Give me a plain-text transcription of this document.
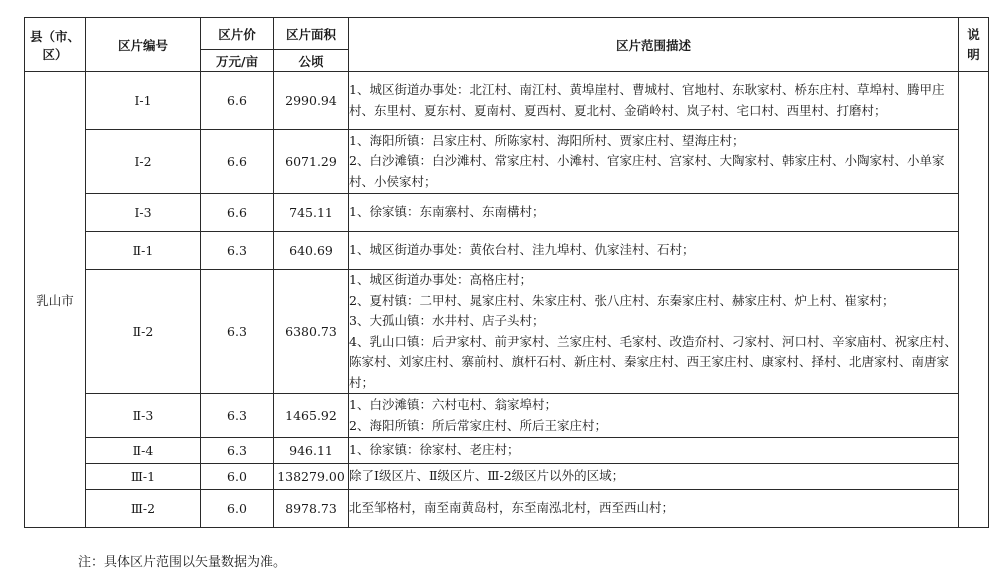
县（市、区）	区片编号	区片价	区片面积	区片范围描述	说
明
		万元/亩	公顷		
乳山市	Ⅰ-1	6.6	2990.94	1、城区街道办事处：北江村、南江村、黄埠崖村、曹城村、官地村、东耿家村、桥东庄村、草埠村、腾甲庄村、东里村、夏东村、夏南村、夏西村、夏北村、金硝岭村、岚子村、宅口村、西里村、打磨村；	

	Ⅰ-2	6.6	6071.29	1、海阳所镇：吕家庄村、所陈家村、海阳所村、贾家庄村、望海庄村；
2、白沙滩镇：白沙滩村、常家庄村、小滩村、官家庄村、宫家村、大陶家村、韩家庄村、小陶家村、小单家村、小侯家村；	

	Ⅰ-3	6.6	745.11	1、徐家镇：东南寨村、东南構村；	

	Ⅱ-1	6.3	640.69	1、城区街道办事处：黄依台村、洼九埠村、仇家洼村、石村；	

	Ⅱ-2	6.3	6380.73	1、城区街道办事处：高格庄村；
2、夏村镇：二甲村、晁家庄村、朱家庄村、张八庄村、东秦家庄村、赫家庄村、炉上村、崔家村；
3、大孤山镇：水井村、店子头村；
4、乳山口镇：后尹家村、前尹家村、兰家庄村、毛家村、改造夼村、刁家村、河口村、辛家庙村、祝家庄村、陈家村、刘家庄村、寨前村、旗杆石村、新庄村、秦家庄村、西王家庄村、康家村、择村、北唐家村、南唐家村；	

	Ⅱ-3	6.3	1465.92	1、白沙滩镇：六村屯村、翁家埠村；
2、海阳所镇：所后常家庄村、所后王家庄村；	

	Ⅱ-4	6.3	946.11	1、徐家镇：徐家村、老庄村；	

	Ⅲ-1	6.0	138279.00	除了Ⅰ级区片、Ⅱ级区片、Ⅲ-2级区片以外的区域；	

	Ⅲ-2	6.0	8978.73	北至邹格村，南至南黄岛村，东至南泓北村，西至西山村；	
注：具体区片范围以矢量数据为准。
